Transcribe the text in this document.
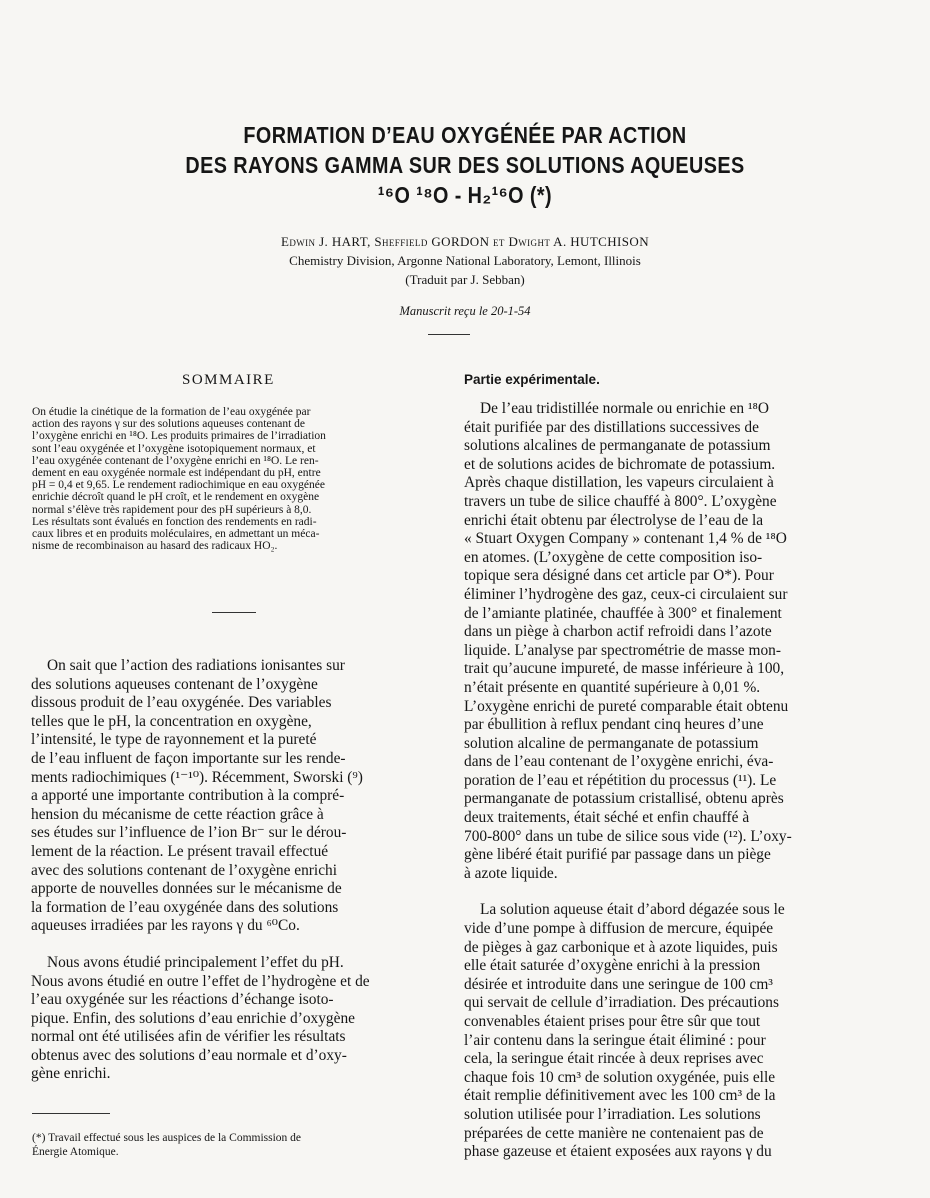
FORMATION D’EAU OXYGÉNÉE PAR ACTION
DES RAYONS GAMMA SUR DES SOLUTIONS AQUEUSES
¹⁶O ¹⁸O - H₂¹⁶O (*)
Edwin J. HART, Sheffield GORDON et Dwight A. HUTCHISON
Chemistry Division, Argonne National Laboratory, Lemont, Illinois
(Traduit par J. Sebban)
Manuscrit reçu le 20-1-54
SOMMAIRE
On étudie la cinétique de la formation de l’eau oxygénée par
action des rayons γ sur des solutions aqueuses contenant de
l’oxygène enrichi en ¹⁸O. Les produits primaires de l’irradiation
sont l’eau oxygénée et l’oxygène isotopiquement normaux, et
l’eau oxygénée contenant de l’oxygène enrichi en ¹⁸O. Le ren-
dement en eau oxygénée normale est indépendant du pH, entre
pH = 0,4 et 9,65. Le rendement radiochimique en eau oxygénée
enrichie décroît quand le pH croît, et le rendement en oxygène
normal s’élève très rapidement pour des pH supérieurs à 8,0.
Les résultats sont évalués en fonction des rendements en radi-
caux libres et en produits moléculaires, en admettant un méca-
nisme de recombinaison au hasard des radicaux HO₂.
On sait que l’action des radiations ionisantes sur
des solutions aqueuses contenant de l’oxygène
dissous produit de l’eau oxygénée. Des variables
telles que le pH, la concentration en oxygène,
l’intensité, le type de rayonnement et la pureté
de l’eau influent de façon importante sur les rende-
ments radiochimiques (¹⁻¹⁰). Récemment, Sworski (⁹)
a apporté une importante contribution à la compré-
hension du mécanisme de cette réaction grâce à
ses études sur l’influence de l’ion Br⁻ sur le dérou-
lement de la réaction. Le présent travail effectué
avec des solutions contenant de l’oxygène enrichi
apporte de nouvelles données sur le mécanisme de
la formation de l’eau oxygénée dans des solutions
aqueuses irradiées par les rayons γ du ⁶⁰Co.
Nous avons étudié principalement l’effet du pH.
Nous avons étudié en outre l’effet de l’hydrogène et de
l’eau oxygénée sur les réactions d’échange isoto-
pique. Enfin, des solutions d’eau enrichie d’oxygène
normal ont été utilisées afin de vérifier les résultats
obtenus avec des solutions d’eau normale et d’oxy-
gène enrichi.
Partie expérimentale.
De l’eau tridistillée normale ou enrichie en ¹⁸O
était purifiée par des distillations successives de
solutions alcalines de permanganate de potassium
et de solutions acides de bichromate de potassium.
Après chaque distillation, les vapeurs circulaient à
travers un tube de silice chauffé à 800°. L’oxygène
enrichi était obtenu par électrolyse de l’eau de la
« Stuart Oxygen Company » contenant 1,4 % de ¹⁸O
en atomes. (L’oxygène de cette composition iso-
topique sera désigné dans cet article par O*). Pour
éliminer l’hydrogène des gaz, ceux-ci circulaient sur
de l’amiante platinée, chauffée à 300° et finalement
dans un piège à charbon actif refroidi dans l’azote
liquide. L’analyse par spectrométrie de masse mon-
trait qu’aucune impureté, de masse inférieure à 100,
n’était présente en quantité supérieure à 0,01 %.
L’oxygène enrichi de pureté comparable était obtenu
par ébullition à reflux pendant cinq heures d’une
solution alcaline de permanganate de potassium
dans de l’eau contenant de l’oxygène enrichi, éva-
poration de l’eau et répétition du processus (¹¹). Le
permanganate de potassium cristallisé, obtenu après
deux traitements, était séché et enfin chauffé à
700-800° dans un tube de silice sous vide (¹²). L’oxy-
gène libéré était purifié par passage dans un piège
à azote liquide.
La solution aqueuse était d’abord dégazée sous le
vide d’une pompe à diffusion de mercure, équipée
de pièges à gaz carbonique et à azote liquides, puis
elle était saturée d’oxygène enrichi à la pression
désirée et introduite dans une seringue de 100 cm³
qui servait de cellule d’irradiation. Des précautions
convenables étaient prises pour être sûr que tout
l’air contenu dans la seringue était éliminé : pour
cela, la seringue était rincée à deux reprises avec
chaque fois 10 cm³ de solution oxygénée, puis elle
était remplie définitivement avec les 100 cm³ de la
solution utilisée pour l’irradiation. Les solutions
préparées de cette manière ne contenaient pas de
phase gazeuse et étaient exposées aux rayons γ du
(*) Travail effectué sous les auspices de la Commission de
Énergie Atomique.
